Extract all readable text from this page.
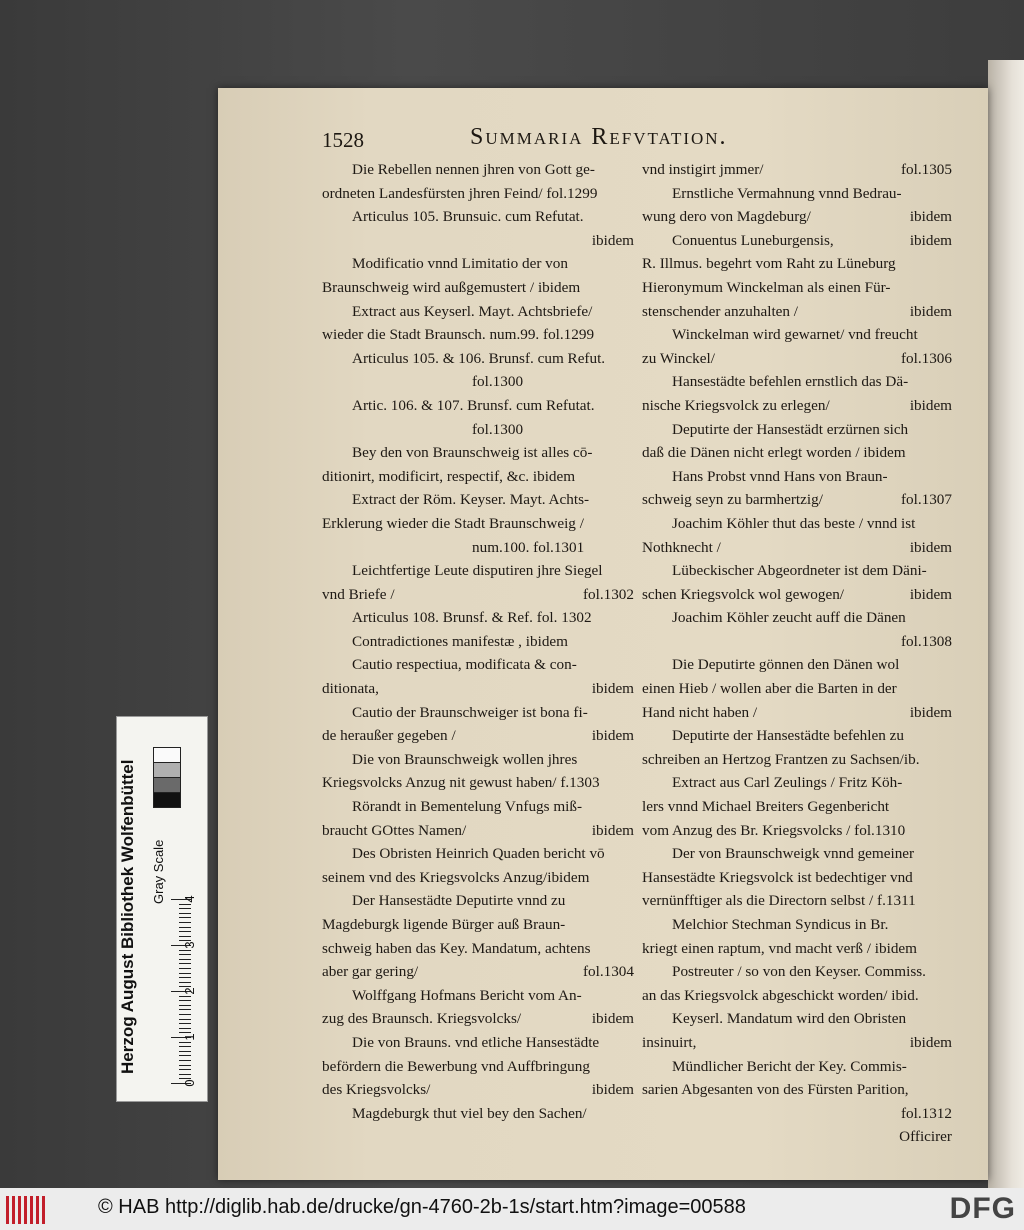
1528	Summaria Refvtation.
Die Rebellen nennen jhren von Gott ge-
ordneten Landesfürsten jhren Feind/ fol.1299
Articulus 105. Brunsuic. cum Refutat.
ibidem
Modificatio vnnd Limitatio der von
Braunschweig wird außgemustert / ibidem
Extract aus Keyserl. Mayt. Achtsbriefe/
wieder die Stadt Braunsch. num.99. fol.1299
Articulus 105. & 106. Brunsf. cum Refut.
fol.1300
Artic. 106. & 107. Brunsf. cum Refutat.
fol.1300
Bey den von Braunschweig ist alles cō-
ditionirt, modificirt, respectif, &c. ibidem
Extract der Röm. Keyser. Mayt. Achts-
Erklerung wieder die Stadt Braunschweig /
num.100. fol.1301
Leichtfertige Leute disputiren jhre Siegel
vnd Briefe /	fol.1302
Articulus 108. Brunsf. & Ref. fol. 1302
Contradictiones manifestæ , ibidem
Cautio respectiua, modificata & con-
ditionata,	ibidem
Cautio der Braunschweiger ist bona fi-
de heraußer gegeben /	ibidem
Die von Braunschweigk wollen jhres
Kriegsvolcks Anzug nit gewust haben/ f.1303
Rörandt in Bementelung Vnfugs miß-
braucht GOttes Namen/	ibidem
Des Obristen Heinrich Quaden bericht vō
seinem vnd des Kriegsvolcks Anzug/ibidem
Der Hansestädte Deputirte vnnd zu
Magdeburgk ligende Bürger auß Braun-
schweig haben das Key. Mandatum, achtens
aber gar gering/	fol.1304
Wolffgang Hofmans Bericht vom An-
zug des Braunsch. Kriegsvolcks/	ibidem
Die von Brauns. vnd etliche Hansestädte
befördern die Bewerbung vnd Auffbringung
des Kriegsvolcks/	ibidem
Magdeburgk thut viel bey den Sachen/
vnd instigirt jmmer/	fol.1305
Ernstliche Vermahnung vnnd Bedrau-
wung dero von Magdeburg/	ibidem
Conuentus Luneburgensis,	ibidem
R. Illmus. begehrt vom Raht zu Lüneburg
Hieronymum Winckelman als einen Für-
stenschender anzuhalten /	ibidem
Winckelman wird gewarnet/ vnd freucht
zu Winckel/	fol.1306
Hansestädte befehlen ernstlich das Dä-
nische Kriegsvolck zu erlegen/	ibidem
Deputirte der Hansestädt erzürnen sich
daß die Dänen nicht erlegt worden / ibidem
Hans Probst vnnd Hans von Braun-
schweig seyn zu barmhertzig/	fol.1307
Joachim Köhler thut das beste / vnnd ist
Nothknecht /	ibidem
Lübeckischer Abgeordneter ist dem Däni-
schen Kriegsvolck wol gewogen/	ibidem
Joachim Köhler zeucht auff die Dänen
fol.1308
Die Deputirte gönnen den Dänen wol
einen Hieb / wollen aber die Barten in der
Hand nicht haben /	ibidem
Deputirte der Hansestädte befehlen zu
schreiben an Hertzog Frantzen zu Sachsen/ib.
Extract aus Carl Zeulings / Fritz Köh-
lers vnnd Michael Breiters Gegenbericht
vom Anzug des Br. Kriegsvolcks / fol.1310
Der von Braunschweigk vnnd gemeiner
Hansestädte Kriegsvolck ist bedechtiger vnd
vernünfftiger als die Directorn selbst / f.1311
Melchior Stechman Syndicus in Br.
kriegt einen raptum, vnd macht verß / ibidem
Postreuter / so von den Keyser. Commiss.
an das Kriegsvolck abgeschickt worden/ ibid.
Keyserl. Mandatum wird den Obristen
insinuirt,	ibidem
Mündlicher Bericht der Key. Commis-
sarien Abgesanten von des Fürsten Parition,
fol.1312
Officirer
Herzog August Bibliothek Wolfenbüttel	Gray Scale
0
1
2
3
4
© HAB http://diglib.hab.de/drucke/gn-4760-2b-1s/start.htm?image=00588	DFG
